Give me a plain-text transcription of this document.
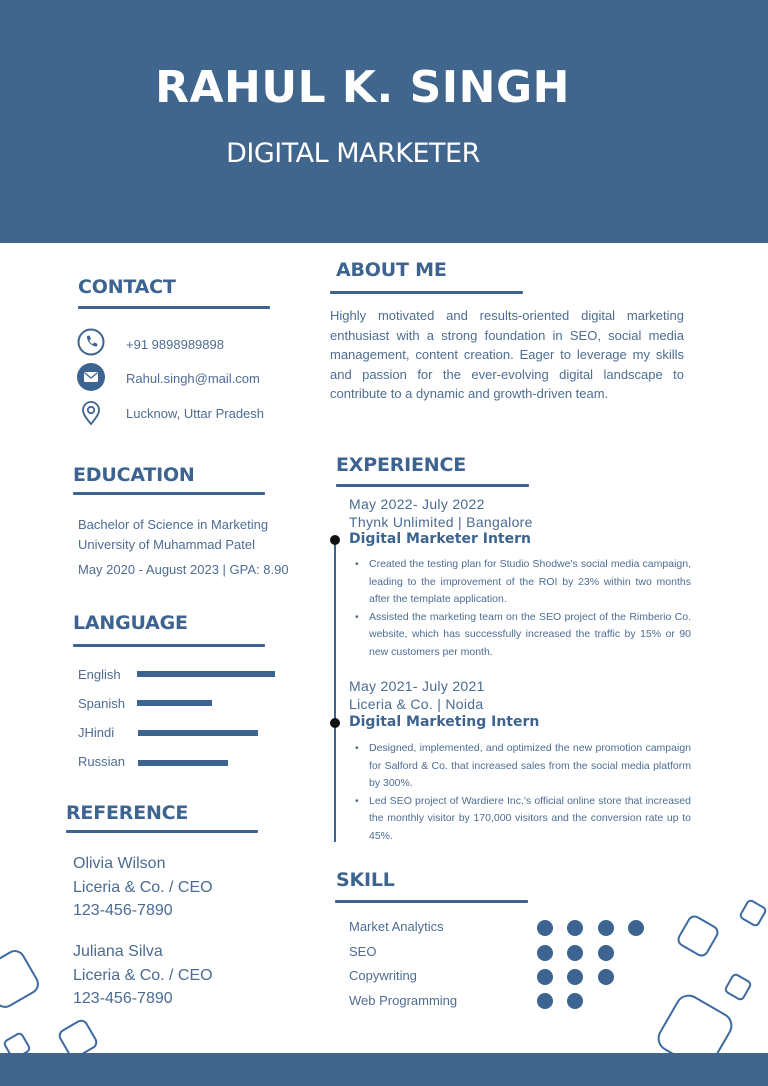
RAHUL K. SINGH
DIGITAL MARKETER
CONTACT
+91 9898989898
Rahul.singh@mail.com
Lucknow, Uttar Pradesh
EDUCATION
Bachelor of Science in Marketing
University of Muhammad Patel
May 2020 - August 2023 | GPA: 8.90
LANGUAGE
English
Spanish
JHindi
Russian
REFERENCE
Olivia Wilson
Liceria & Co. / CEO
123-456-7890
Juliana Silva
Liceria & Co. / CEO
123-456-7890
ABOUT ME
Highly motivated and results-oriented digital marketing enthusiast with a strong foundation in SEO, social media management, content creation. Eager to leverage my skills and passion for the ever-evolving digital landscape to contribute to a dynamic and growth-driven team.
EXPERIENCE
May 2022- July 2022
Thynk Unlimited | Bangalore
Digital Marketer Intern
• Created the testing plan for Studio Shodwe's social media campaign, leading to the improvement of the ROI by 23% within two months after the template application.
• Assisted the marketing team on the SEO project of the Rimberio Co. website, which has successfully increased the traffic by 15% or 90 new customers per month.
May 2021- July 2021
Liceria & Co. | Noida
Digital Marketing Intern
• Designed, implemented, and optimized the new promotion campaign for Salford & Co. that increased sales from the social media platform by 300%.
• Led SEO project of Wardiere Inc.'s official online store that increased the monthly visitor by 170,000 visitors and the conversion rate up to 45%.
SKILL
Market Analytics
SEO
Copywriting
Web Programming
